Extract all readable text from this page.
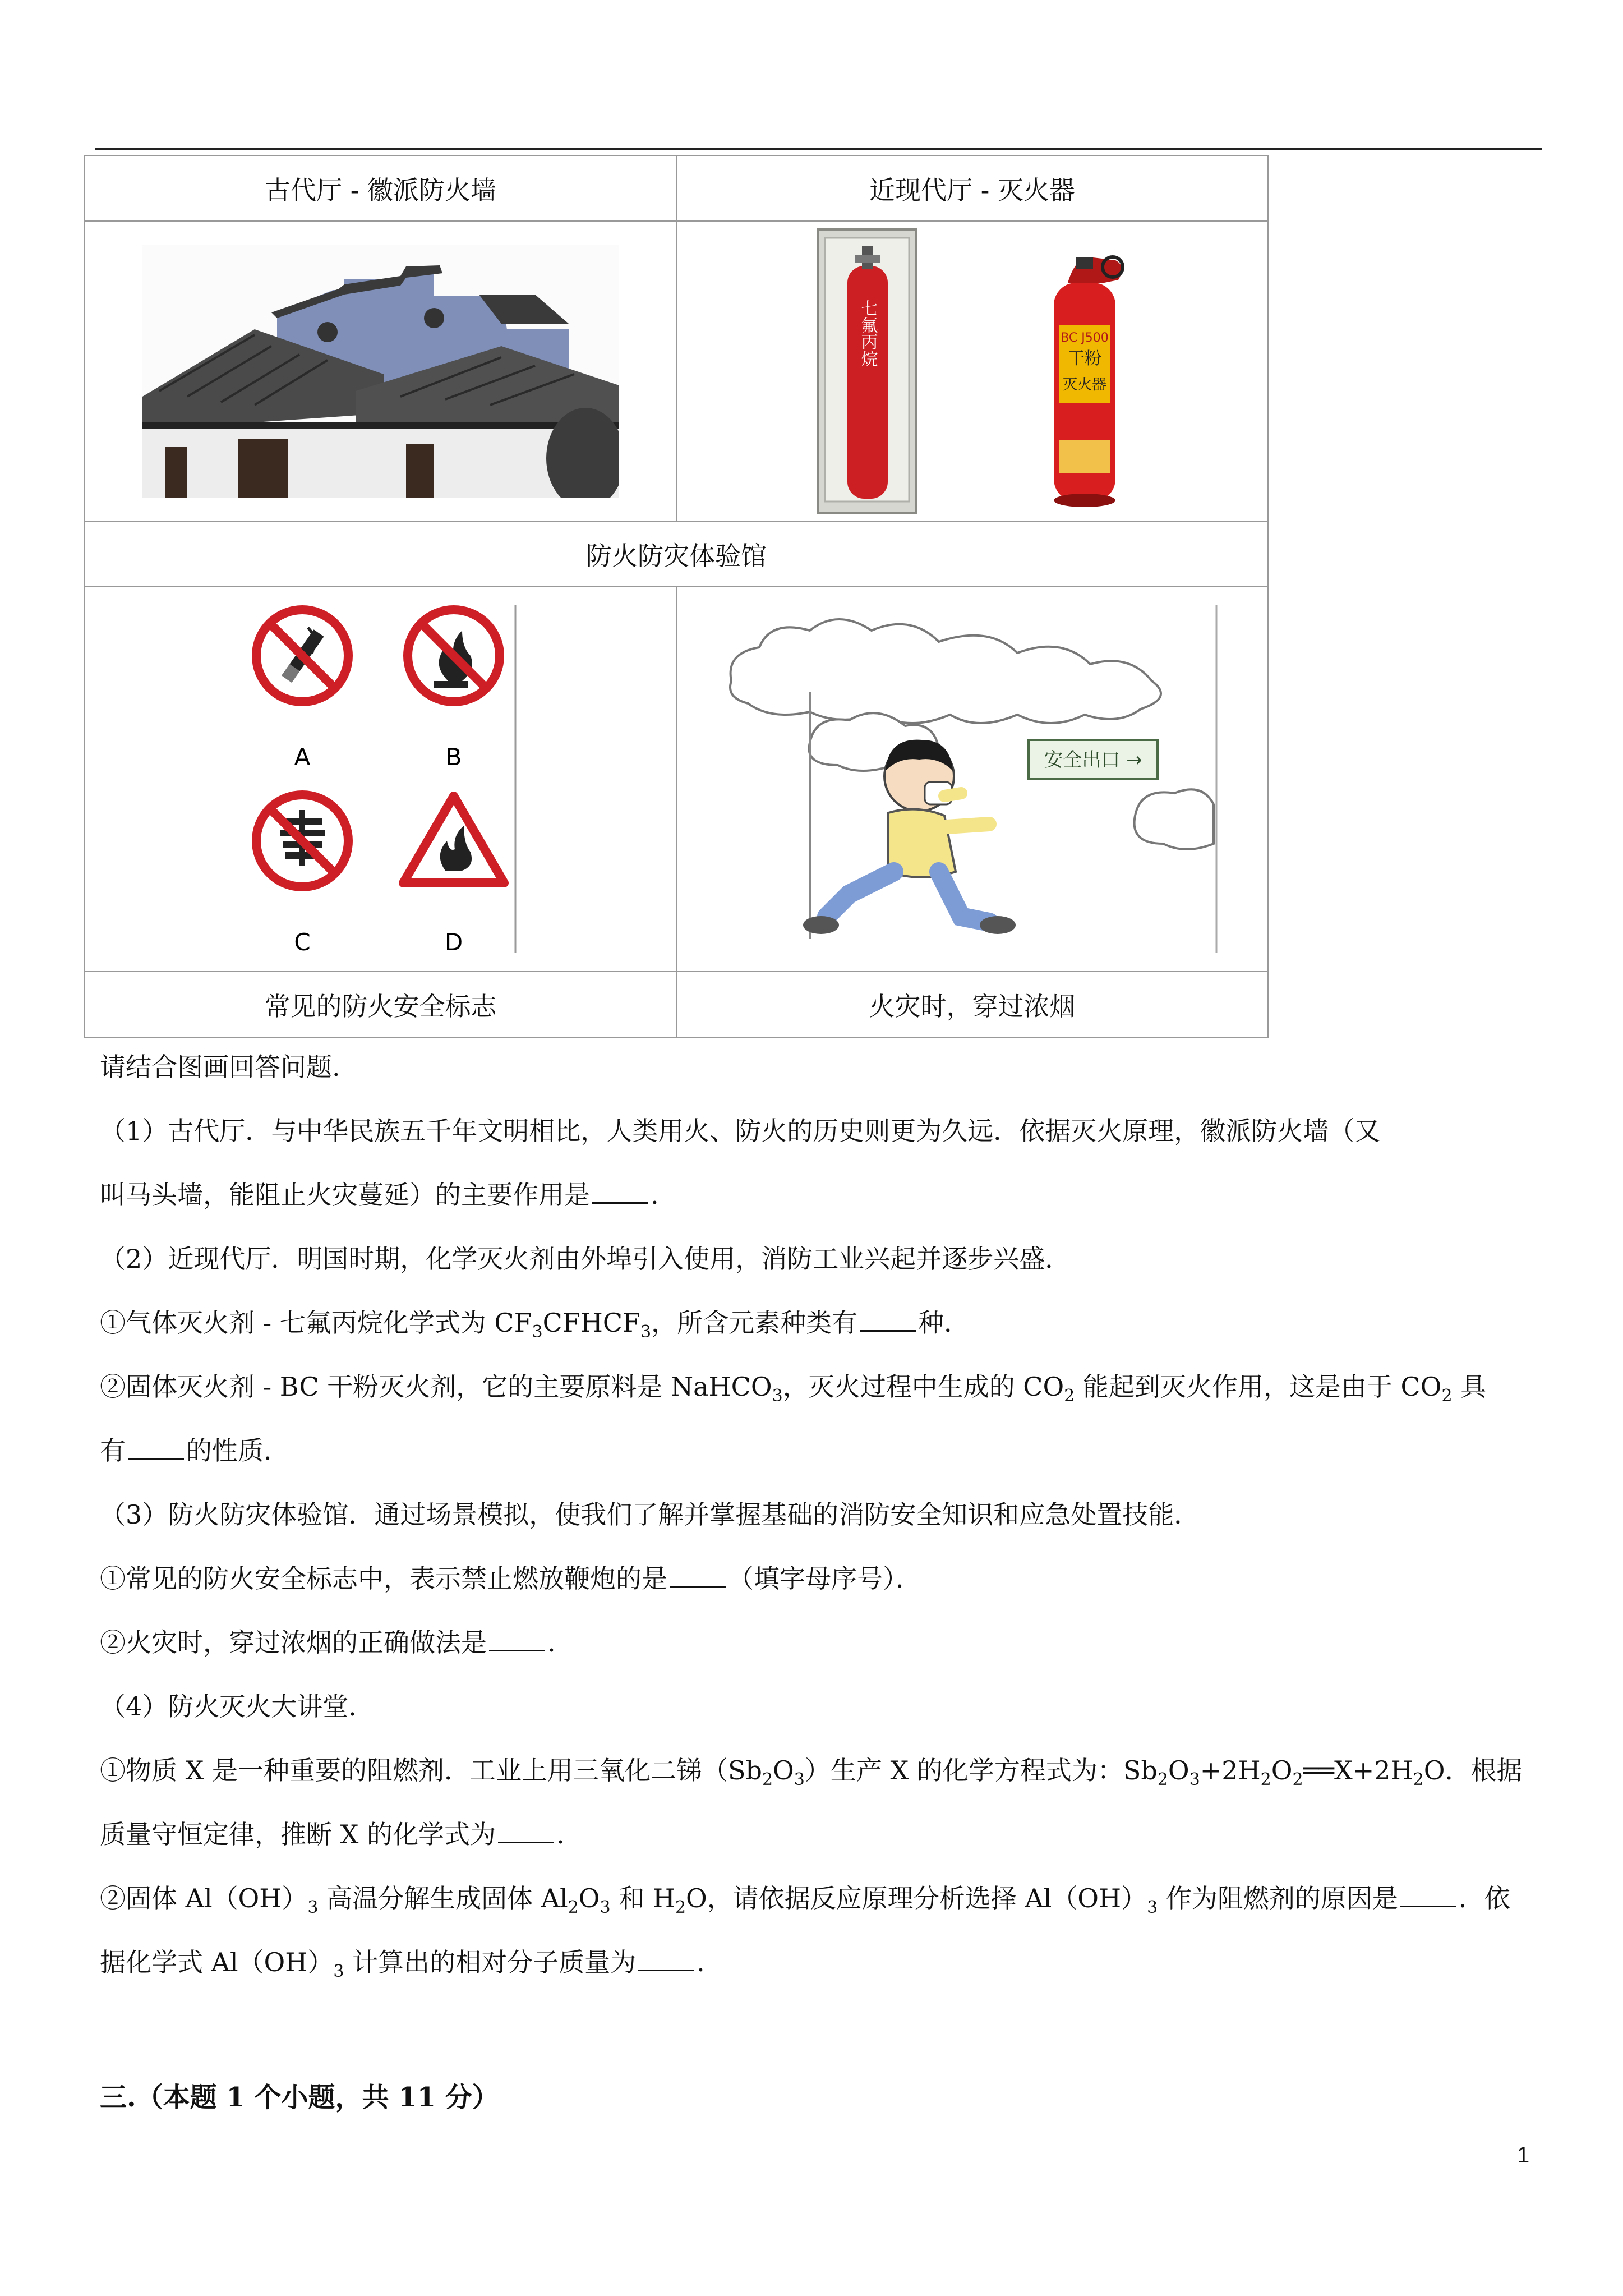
古代厅 - 徽派防火墙	近现代厅 - 灭火器

七氟丙烷 BC J500
干粉
灭火器

防火防灾体验馆	

A B
C D	安全出口 →

常见的防火安全标志	火灾时，穿过浓烟
请结合图画回答问题.
（1）古代厅．与中华民族五千年文明相比，人类用火、防火的历史则更为久远．依据灭火原理，徽派防火墙（又
叫马头墙，能阻止火灾蔓延）的主要作用是 .
（2）近现代厅．明国时期，化学灭火剂由外埠引入使用，消防工业兴起并逐步兴盛．
①气体灭火剂 - 七氟丙烷化学式为 $CF_3CFHCF_3$，所含元素种类有 种．
②固体灭火剂 - BC 干粉灭火剂，它的主要原料是 NaHCO$_3$，灭火过程中生成的 $CO_2$ 能起到灭火作用，这是由于 $CO_2$ 具
有 的性质．
（3）防火防灾体验馆．通过场景模拟，使我们了解并掌握基础的消防安全知识和应急处置技能．
①常见的防火安全标志中，表示禁止燃放鞭炮的是 （填字母序号）．
②火灾时，穿过浓烟的正确做法是 .
（4）防火灭火大讲堂．
①物质 X 是一种重要的阻燃剂．工业上用三氧化二锑$(Sb_2O_3)$生产 X 的化学方程式为：$Sb_2O_3+2H_2O_2══X+2H_2O$．根据
质量守恒定律，推断 X 的化学式为 .
②固体 $Al(OH)_3$ 高温分解生成固体 $Al_2O_3$ 和 $H_2O$，请依据反应原理分析选择 $Al(OH)_3$ 作为阻燃剂的原因是 ．依
据化学式 $Al(OH)_3$ 计算出的相对分子质量为 .
三.（本题 1 个小题，共 11 分）
1
